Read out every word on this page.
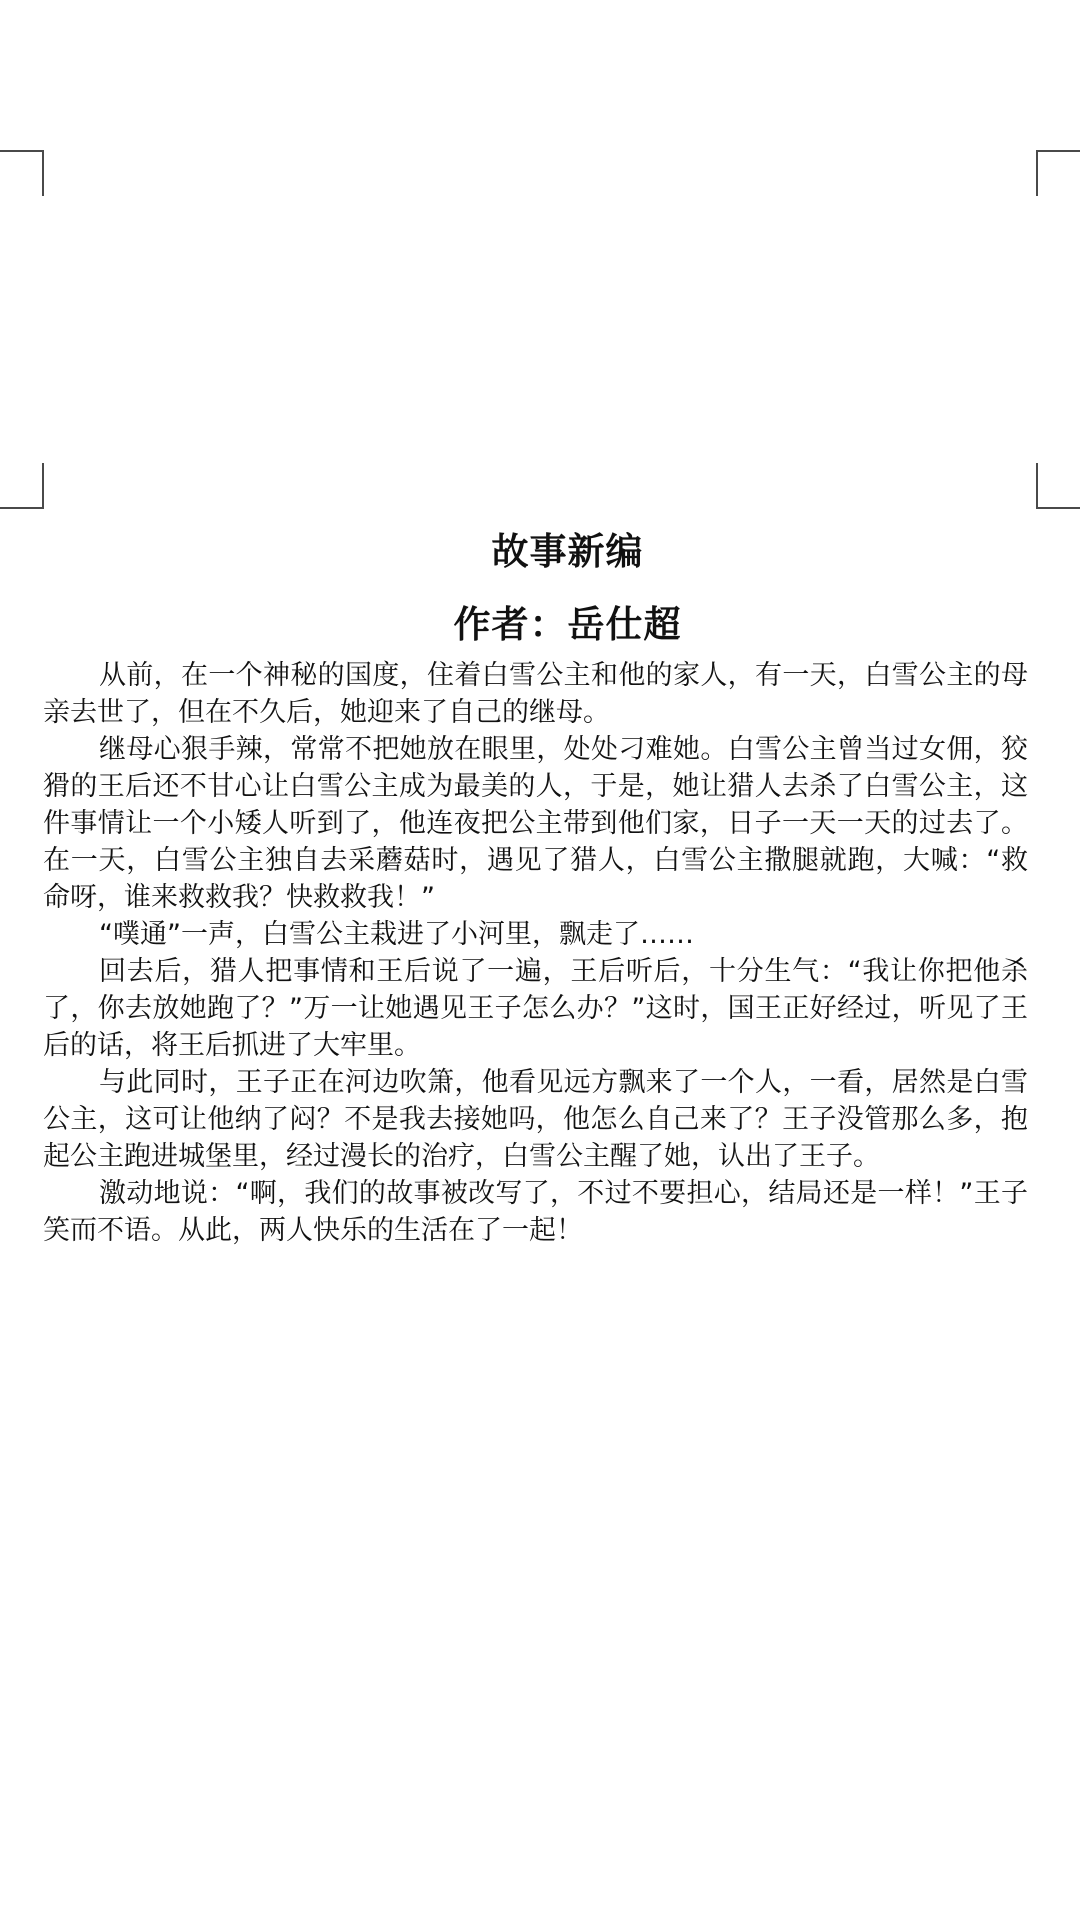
故事新编
作者：岳仕超

从前，在一个神秘的国度，住着白雪公主和他的家人，有一天，白雪公主的母亲去世了，但在不久后，她迎来了自己的继母。

继母心狠手辣，常常不把她放在眼里，处处刁难她。白雪公主曾当过女佣，狡猾的王后还不甘心让白雪公主成为最美的人，于是，她让猎人去杀了白雪公主，这件事情让一个小矮人听到了，他连夜把公主带到他们家，日子一天一天的过去了。在一天，白雪公主独自去采蘑菇时，遇见了猎人，白雪公主撒腿就跑，大喊：“救命呀，谁来救救我？快救救我！”

“噗通”一声，白雪公主栽进了小河里，飘走了……

回去后，猎人把事情和王后说了一遍，王后听后，十分生气：“我让你把他杀了，你去放她跑了？”万一让她遇见王子怎么办？”这时，国王正好经过，听见了王后的话，将王后抓进了大牢里。

与此同时，王子正在河边吹箫，他看见远方飘来了一个人，一看，居然是白雪公主，这可让他纳了闷？不是我去接她吗，他怎么自己来了？王子没管那么多，抱起公主跑进城堡里，经过漫长的治疗，白雪公主醒了她，认出了王子。

激动地说：“啊，我们的故事被改写了，不过不要担心，结局还是一样！”王子笑而不语。从此，两人快乐的生活在了一起！
